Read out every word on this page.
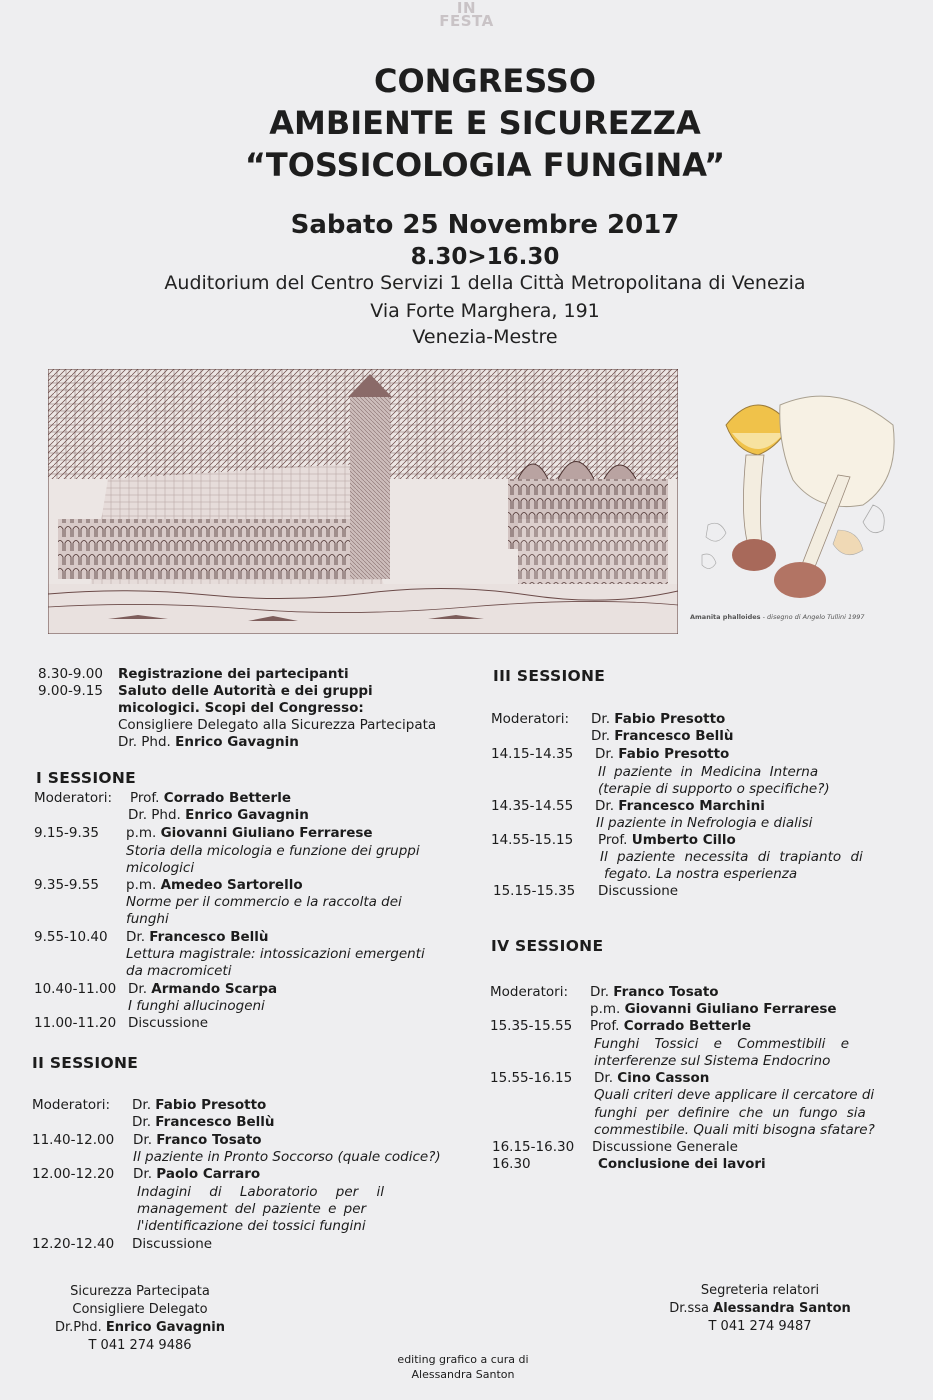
IN
FESTA
CONGRESSO
AMBIENTE E SICUREZZA
“TOSSICOLOGIA FUNGINA”
Sabato 25 Novembre 2017
8.30>16.30
Auditorium del Centro Servizi 1 della Città Metropolitana di Venezia
Via Forte Marghera, 191
Venezia-Mestre
Amanita phalloides - disegno di Angelo Tullini 1997
8.30-9.00 Registrazione dei partecipanti
9.00-9.15 Saluto delle Autorità e dei gruppi
micologici. Scopi del Congresso:
Consigliere Delegato alla Sicurezza Partecipata
Dr. Phd. Enrico Gavagnin
I SESSIONE
Moderatori: Prof. Corrado Betterle
Dr. Phd. Enrico Gavagnin
9.15-9.35 p.m. Giovanni Giuliano Ferrarese
Storia della micologia e funzione dei gruppi
micologici
9.35-9.55 p.m. Amedeo Sartorello
Norme per il commercio e la raccolta dei
funghi
9.55-10.40 Dr. Francesco Bellù
Lettura magistrale: intossicazioni emergenti
da macromiceti
10.40-11.00 Dr. Armando Scarpa
I funghi allucinogeni
11.00-11.20 Discussione
II SESSIONE
Moderatori: Dr. Fabio Presotto
Dr. Francesco Bellù
11.40-12.00 Dr. Franco Tosato
Il paziente in Pronto Soccorso (quale codice?)
12.00-12.20 Dr. Paolo Carraro
Indagini di Laboratorio per il
management del paziente e per
l'identificazione dei tossici fungini
12.20-12.40 Discussione
III SESSIONE
Moderatori: Dr. Fabio Presotto
Dr. Francesco Bellù
14.15-14.35 Dr. Fabio Presotto
Il paziente in Medicina Interna
(terapie di supporto o specifiche?)
14.35-14.55 Dr. Francesco Marchini
Il paziente in Nefrologia e dialisi
14.55-15.15 Prof. Umberto Cillo
Il paziente necessita di trapianto di
fegato. La nostra esperienza
15.15-15.35 Discussione
IV SESSIONE
Moderatori: Dr. Franco Tosato
p.m. Giovanni Giuliano Ferrarese
15.35-15.55 Prof. Corrado Betterle
Funghi Tossici e Commestibili e
interferenze sul Sistema Endocrino
15.55-16.15 Dr. Cino Casson
Quali criteri deve applicare il cercatore di
funghi per definire che un fungo sia
commestibile. Quali miti bisogna sfatare?
16.15-16.30 Discussione Generale
16.30	Conclusione dei lavori
Sicurezza Partecipata
Consigliere Delegato
Dr.Phd. Enrico Gavagnin
T 041 274 9486
Segreteria relatori
Dr.ssa Alessandra Santon
T 041 274 9487
editing grafico a cura di
Alessandra Santon
